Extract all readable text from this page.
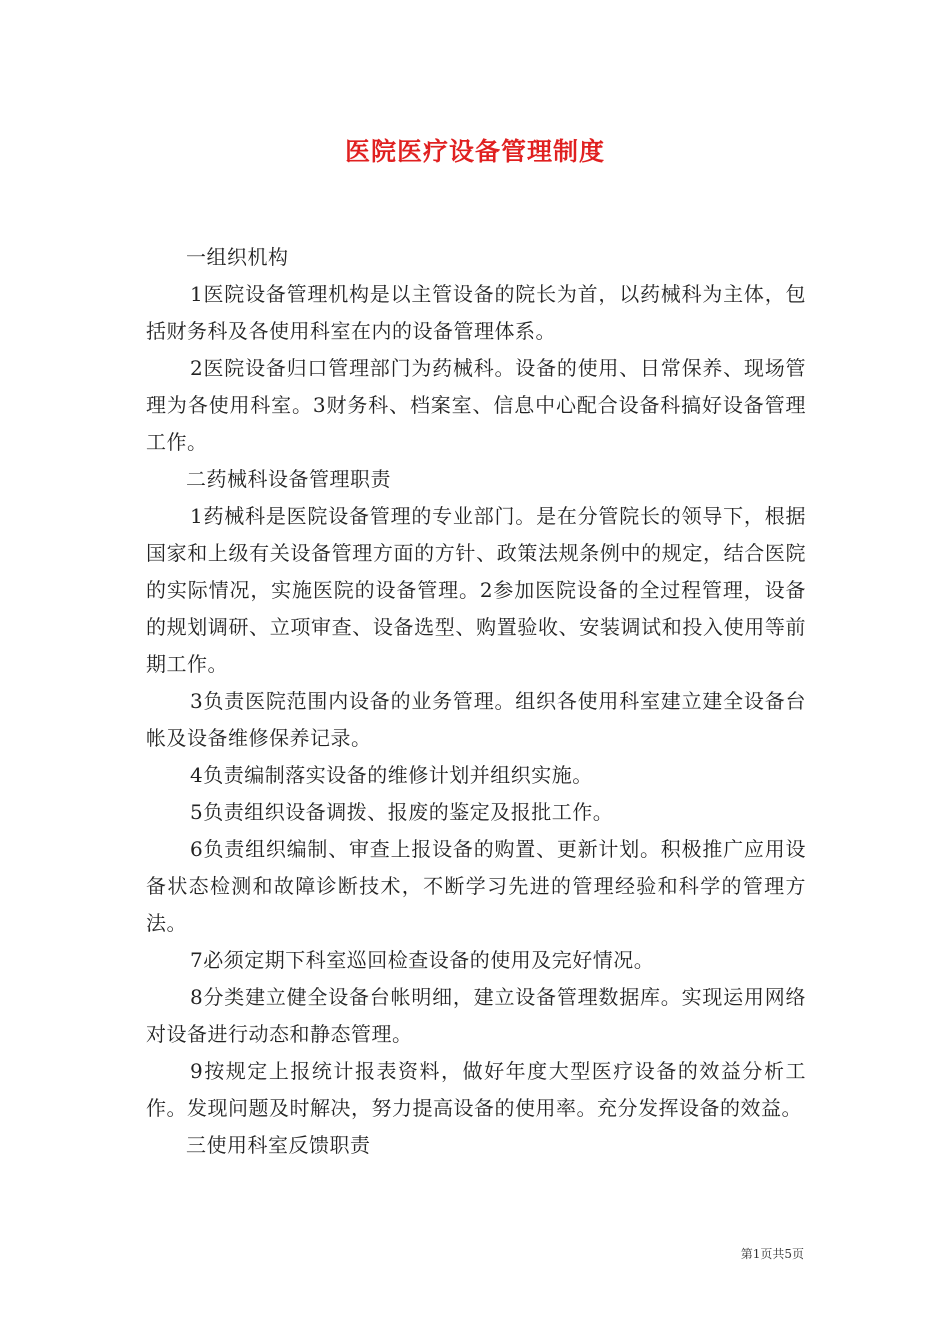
医院医疗设备管理制度

一组织机构

1医院设备管理机构是以主管设备的院长为首，以药械科为主体，包括财务科及各使用科室在内的设备管理体系。

2医院设备归口管理部门为药械科。设备的使用、日常保养、现场管理为各使用科室。3财务科、档案室、信息中心配合设备科搞好设备管理工作。

二药械科设备管理职责

1药械科是医院设备管理的专业部门。是在分管院长的领导下，根据国家和上级有关设备管理方面的方针、政策法规条例中的规定，结合医院的实际情况，实施医院的设备管理。2参加医院设备的全过程管理，设备的规划调研、立项审查、设备选型、购置验收、安装调试和投入使用等前期工作。

3负责医院范围内设备的业务管理。组织各使用科室建立建全设备台帐及设备维修保养记录。

4负责编制落实设备的维修计划并组织实施。

5负责组织设备调拨、报废的鉴定及报批工作。

6负责组织编制、审查上报设备的购置、更新计划。积极推广应用设备状态检测和故障诊断技术，不断学习先进的管理经验和科学的管理方法。

7必须定期下科室巡回检查设备的使用及完好情况。

8分类建立健全设备台帐明细，建立设备管理数据库。实现运用网络对设备进行动态和静态管理。

9按规定上报统计报表资料，做好年度大型医疗设备的效益分析工作。发现问题及时解决，努力提高设备的使用率。充分发挥设备的效益。

三使用科室反馈职责

第1页共5页
